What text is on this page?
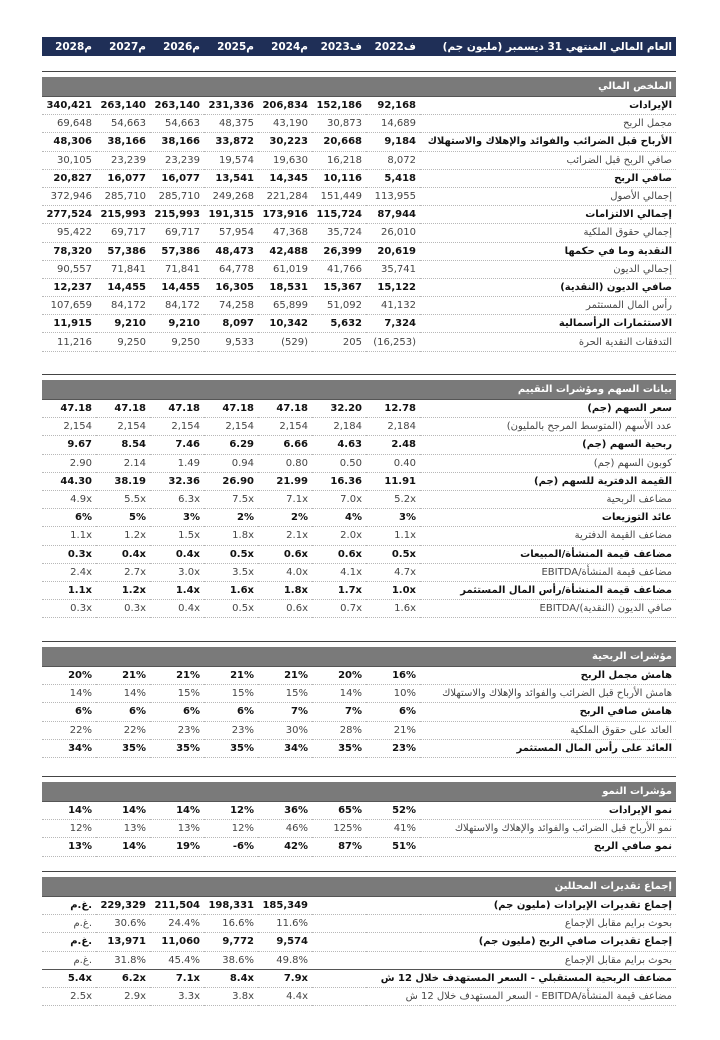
2028م	2027م	2026م	2025م	2024م	2023ف	2022ف	العام المالي المنتهي 31 ديسمبر (مليون جم)
							الملخص المالي
340,421	263,140	263,140	231,336	206,834	152,186	92,168	الإيرادات
69,648	54,663	54,663	48,375	43,190	30,873	14,689	مجمل الربح
48,306	38,166	38,166	33,872	30,223	20,668	9,184	الأرباح قبل الضرائب والفوائد والإهلاك والاستهلاك
30,105	23,239	23,239	19,574	19,630	16,218	8,072	صافي الربح قبل الضرائب
20,827	16,077	16,077	13,541	14,345	10,116	5,418	صافي الربح
372,946	285,710	285,710	249,268	221,284	151,449	113,955	إجمالي الأصول
277,524	215,993	215,993	191,315	173,916	115,724	87,944	إجمالي الالتزامات
95,422	69,717	69,717	57,954	47,368	35,724	26,010	إجمالي حقوق الملكية
78,320	57,386	57,386	48,473	42,488	26,399	20,619	النقدية وما في حكمها
90,557	71,841	71,841	64,778	61,019	41,766	35,741	إجمالي الديون
12,237	14,455	14,455	16,305	18,531	15,367	15,122	صافي الديون (النقدية)
107,659	84,172	84,172	74,258	65,899	51,092	41,132	رأس المال المستثمر
11,915	9,210	9,210	8,097	10,342	5,632	7,324	الاستثمارات الرأسمالية
11,216	9,250	9,250	9,533	(529)	205	(16,253)	التدفقات النقدية الحرة
							بيانات السهم ومؤشرات التقييم
47.18	47.18	47.18	47.18	47.18	32.20	12.78	سعر السهم (جم)
2,154	2,154	2,154	2,154	2,154	2,184	2,184	عدد الأسهم (المتوسط المرجح بالمليون)
9.67	8.54	7.46	6.29	6.66	4.63	2.48	ربحية السهم (جم)
2.90	2.14	1.49	0.94	0.80	0.50	0.40	كوبون السهم (جم)
44.30	38.19	32.36	26.90	21.99	16.36	11.91	القيمة الدفترية للسهم (جم)
4.9x	5.5x	6.3x	7.5x	7.1x	7.0x	5.2x	مضاعف الربحية
6%	5%	3%	2%	2%	4%	3%	عائد التوزيعات
1.1x	1.2x	1.5x	1.8x	2.1x	2.0x	1.1x	مضاعف القيمة الدفترية
0.3x	0.4x	0.4x	0.5x	0.6x	0.6x	0.5x	مضاعف قيمة المنشأة/المبيعات
2.4x	2.7x	3.0x	3.5x	4.0x	4.1x	4.7x	مضاعف قيمة المنشأة/EBITDA
1.1x	1.2x	1.4x	1.6x	1.8x	1.7x	1.0x	مضاعف قيمة المنشأة/رأس المال المستثمر
0.3x	0.3x	0.4x	0.5x	0.6x	0.7x	1.6x	صافي الديون (النقدية)/EBITDA
							مؤشرات الربحية
20%	21%	21%	21%	21%	20%	16%	هامش مجمل الربح
14%	14%	15%	15%	15%	14%	10%	هامش الأرباح قبل الضرائب والفوائد والإهلاك والاستهلاك
6%	6%	6%	6%	7%	7%	6%	هامش صافي الربح
22%	22%	23%	23%	30%	28%	21%	العائد على حقوق الملكية
34%	35%	35%	35%	34%	35%	23%	العائد على رأس المال المستثمر
							مؤشرات النمو
14%	14%	14%	12%	36%	65%	52%	نمو الإيرادات
12%	13%	13%	12%	46%	125%	41%	نمو الأرباح قبل الضرائب والفوائد والإهلاك والاستهلاك
13%	14%	19%	-6%	42%	87%	51%	نمو صافي الربح
							إجماع تقديرات المحللين
غ.م.	229,329	211,504	198,331	185,349			إجماع تقديرات الإيرادات (مليون جم)
غ.م.	30.6%	24.4%	16.6%	11.6%			بحوث برايم مقابل الإجماع
غ.م.	13,971	11,060	9,772	9,574			إجماع تقديرات صافي الربح (مليون جم)
غ.م.	31.8%	45.4%	38.6%	49.8%			بحوث برايم مقابل الإجماع
5.4x	6.2x	7.1x	8.4x	7.9x			مضاعف الربحية المستقبلي - السعر المستهدف خلال 12 ش
2.5x	2.9x	3.3x	3.8x	4.4x			مضاعف قيمة المنشأة/EBITDA - السعر المستهدف خلال 12 ش
